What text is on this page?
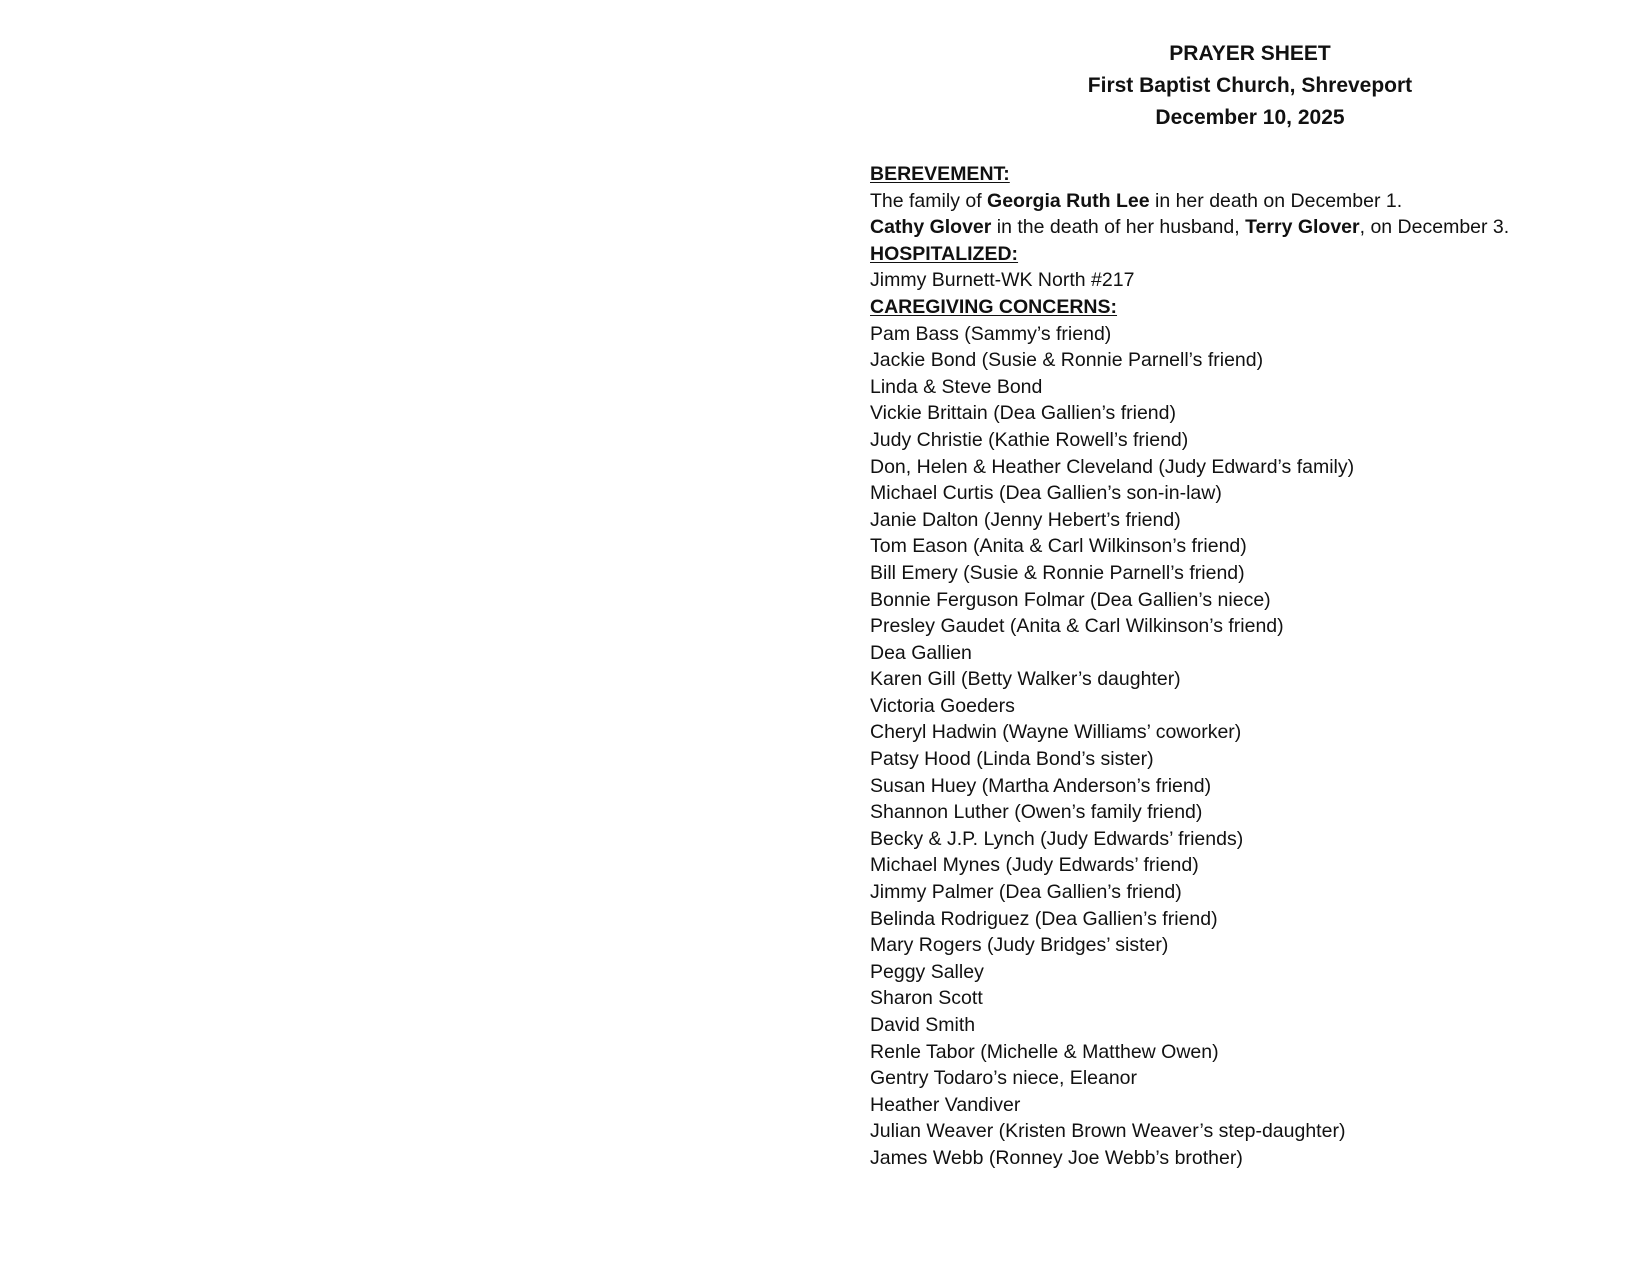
PRAYER SHEET
First Baptist Church, Shreveport
December 10, 2025
BEREVEMENT:
The family of Georgia Ruth Lee in her death on December 1.
Cathy Glover in the death of her husband, Terry Glover, on December 3.
HOSPITALIZED:
Jimmy Burnett-WK North #217
CAREGIVING CONCERNS:
Pam Bass (Sammy’s friend)
Jackie Bond (Susie & Ronnie Parnell’s friend)
Linda & Steve Bond
Vickie Brittain (Dea Gallien’s friend)
Judy Christie (Kathie Rowell’s friend)
Don, Helen & Heather Cleveland (Judy Edward’s family)
Michael Curtis (Dea Gallien’s son-in-law)
Janie Dalton (Jenny Hebert’s friend)
Tom Eason (Anita & Carl Wilkinson’s friend)
Bill Emery (Susie & Ronnie Parnell’s friend)
Bonnie Ferguson Folmar (Dea Gallien’s niece)
Presley Gaudet (Anita & Carl Wilkinson’s friend)
Dea Gallien
Karen Gill (Betty Walker’s daughter)
Victoria Goeders
Cheryl Hadwin (Wayne Williams’ coworker)
Patsy Hood (Linda Bond’s sister)
Susan Huey (Martha Anderson’s friend)
Shannon Luther (Owen’s family friend)
Becky & J.P. Lynch (Judy Edwards’ friends)
Michael Mynes (Judy Edwards’ friend)
Jimmy Palmer (Dea Gallien’s friend)
Belinda Rodriguez (Dea Gallien’s friend)
Mary Rogers (Judy Bridges’ sister)
Peggy Salley
Sharon Scott
David Smith
Renle Tabor (Michelle & Matthew Owen)
Gentry Todaro’s niece, Eleanor
Heather Vandiver
Julian Weaver (Kristen Brown Weaver’s step-daughter)
James Webb (Ronney Joe Webb’s brother)
